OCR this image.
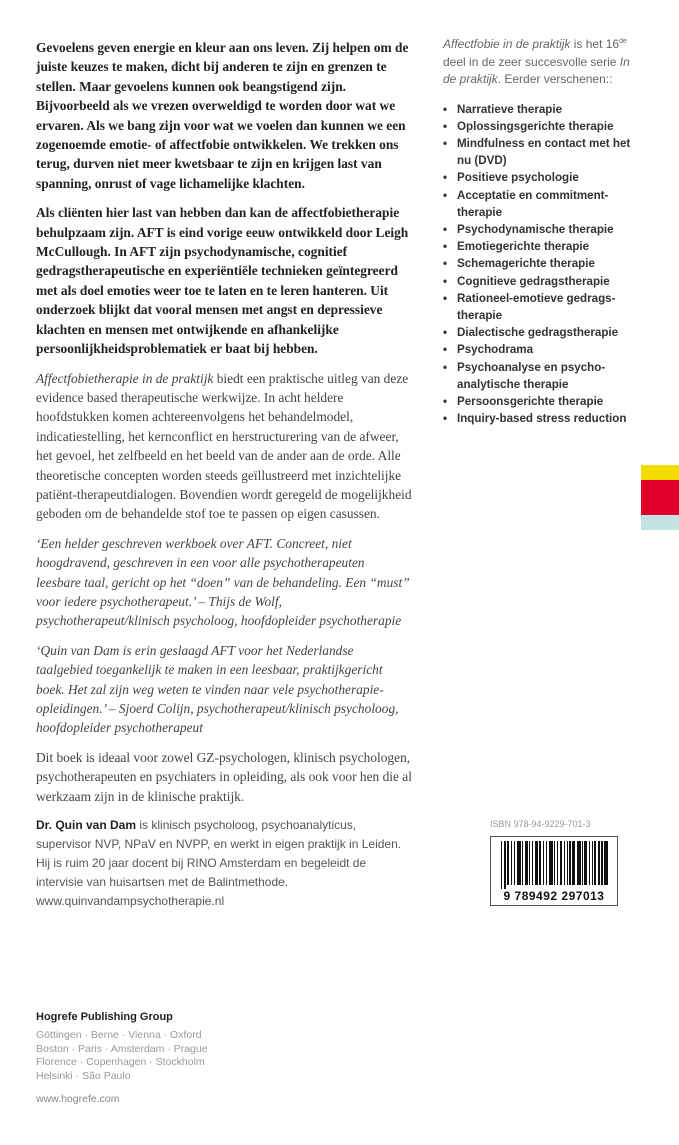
Gevoelens geven energie en kleur aan ons leven. Zij helpen om de juiste keuzes te maken, dicht bij anderen te zijn en grenzen te stellen. Maar gevoelens kunnen ook beangstigend zijn. Bijvoorbeeld als we vrezen overweldigd te worden door wat we ervaren. Als we bang zijn voor wat we voelen dan kunnen we een zogenoemde emotie- of affectfobie ontwikkelen. We trekken ons terug, durven niet meer kwetsbaar te zijn en krijgen last van spanning, onrust of vage lichamelijke klachten.

Als cliënten hier last van hebben dan kan de affectfobietherapie behulpzaam zijn. AFT is eind vorige eeuw ontwikkeld door Leigh McCullough. In AFT zijn psychodynamische, cognitief gedragstherapeutische en experiëntiële technieken geïntegreerd met als doel emoties weer toe te laten en te leren hanteren. Uit onderzoek blijkt dat vooral mensen met angst en depressieve klachten en mensen met ontwijkende en afhankelijke persoonlijkheidsproblematiek er baat bij hebben.

Affectfobietherapie in de praktijk biedt een praktische uitleg van deze evidence based therapeutische werkwijze. In acht heldere hoofdstukken komen achtereenvolgens het behandelmodel, indicatiestelling, het kernconflict en herstructurering van de afweer, het gevoel, het zelfbeeld en het beeld van de ander aan de orde. Alle theoretische concepten worden steeds geïllustreerd met inzichtelijke patiënt-therapeutdialogen. Bovendien wordt geregeld de mogelijkheid geboden om de behandelde stof toe te passen op eigen casussen.

‘Een helder geschreven werkboek over AFT. Concreet, niet hoogdravend, geschreven in een voor alle psychotherapeuten leesbare taal, gericht op het “doen” van de behandeling. Een “must” voor iedere psychotherapeut.’ – Thijs de Wolf, psychotherapeut/klinisch psycholoog, hoofdopleider psychotherapie

‘Quin van Dam is erin geslaagd AFT voor het Nederlandse taalgebied toegankelijk te maken in een leesbaar, praktijkgericht boek. Het zal zijn weg weten te vinden naar vele psychotherapie-opleidingen.’ – Sjoerd Colijn, psychotherapeut/klinisch psycholoog, hoofdopleider psychotherapeut

Dit boek is ideaal voor zowel GZ-psychologen, klinisch psychologen, psychotherapeuten en psychiaters in opleiding, als ook voor hen die al werkzaam zijn in de klinische praktijk.

Dr. Quin van Dam is klinisch psycholoog, psychoanalyticus, supervisor NVP, NPaV en NVPP, en werkt in eigen praktijk in Leiden. Hij is ruim 20 jaar docent bij RINO Amsterdam en begeleidt de intervisie van huisartsen met de Balintmethode. www.quinvandampsychotherapie.nl

Hogrefe Publishing Group
Göttingen · Berne · Vienna · Oxford
Boston · Paris · Amsterdam · Prague
Florence · Copenhagen · Stockholm
Helsinki · São Paulo
www.hogrefe.com
Affectfobie in de praktijk is het 16de deel in de zeer succesvolle serie In de praktijk. Eerder verschenen::
• Narratieve therapie
• Oplossingsgerichte therapie
• Mindfulness en contact met het nu (DVD)
• Positieve psychologie
• Acceptatie en commitment-therapie
• Psychodynamische therapie
• Emotiegerichte therapie
• Schemagerichte therapie
• Cognitieve gedragstherapie
• Rationeel-emotieve gedrags-therapie
• Dialectische gedragstherapie
• Psychodrama
• Psychoanalyse en psycho-analytische therapie
• Persoonsgerichte therapie
• Inquiry-based stress reduction
ISBN 978-94-9229-701-3
9 789492 297013
